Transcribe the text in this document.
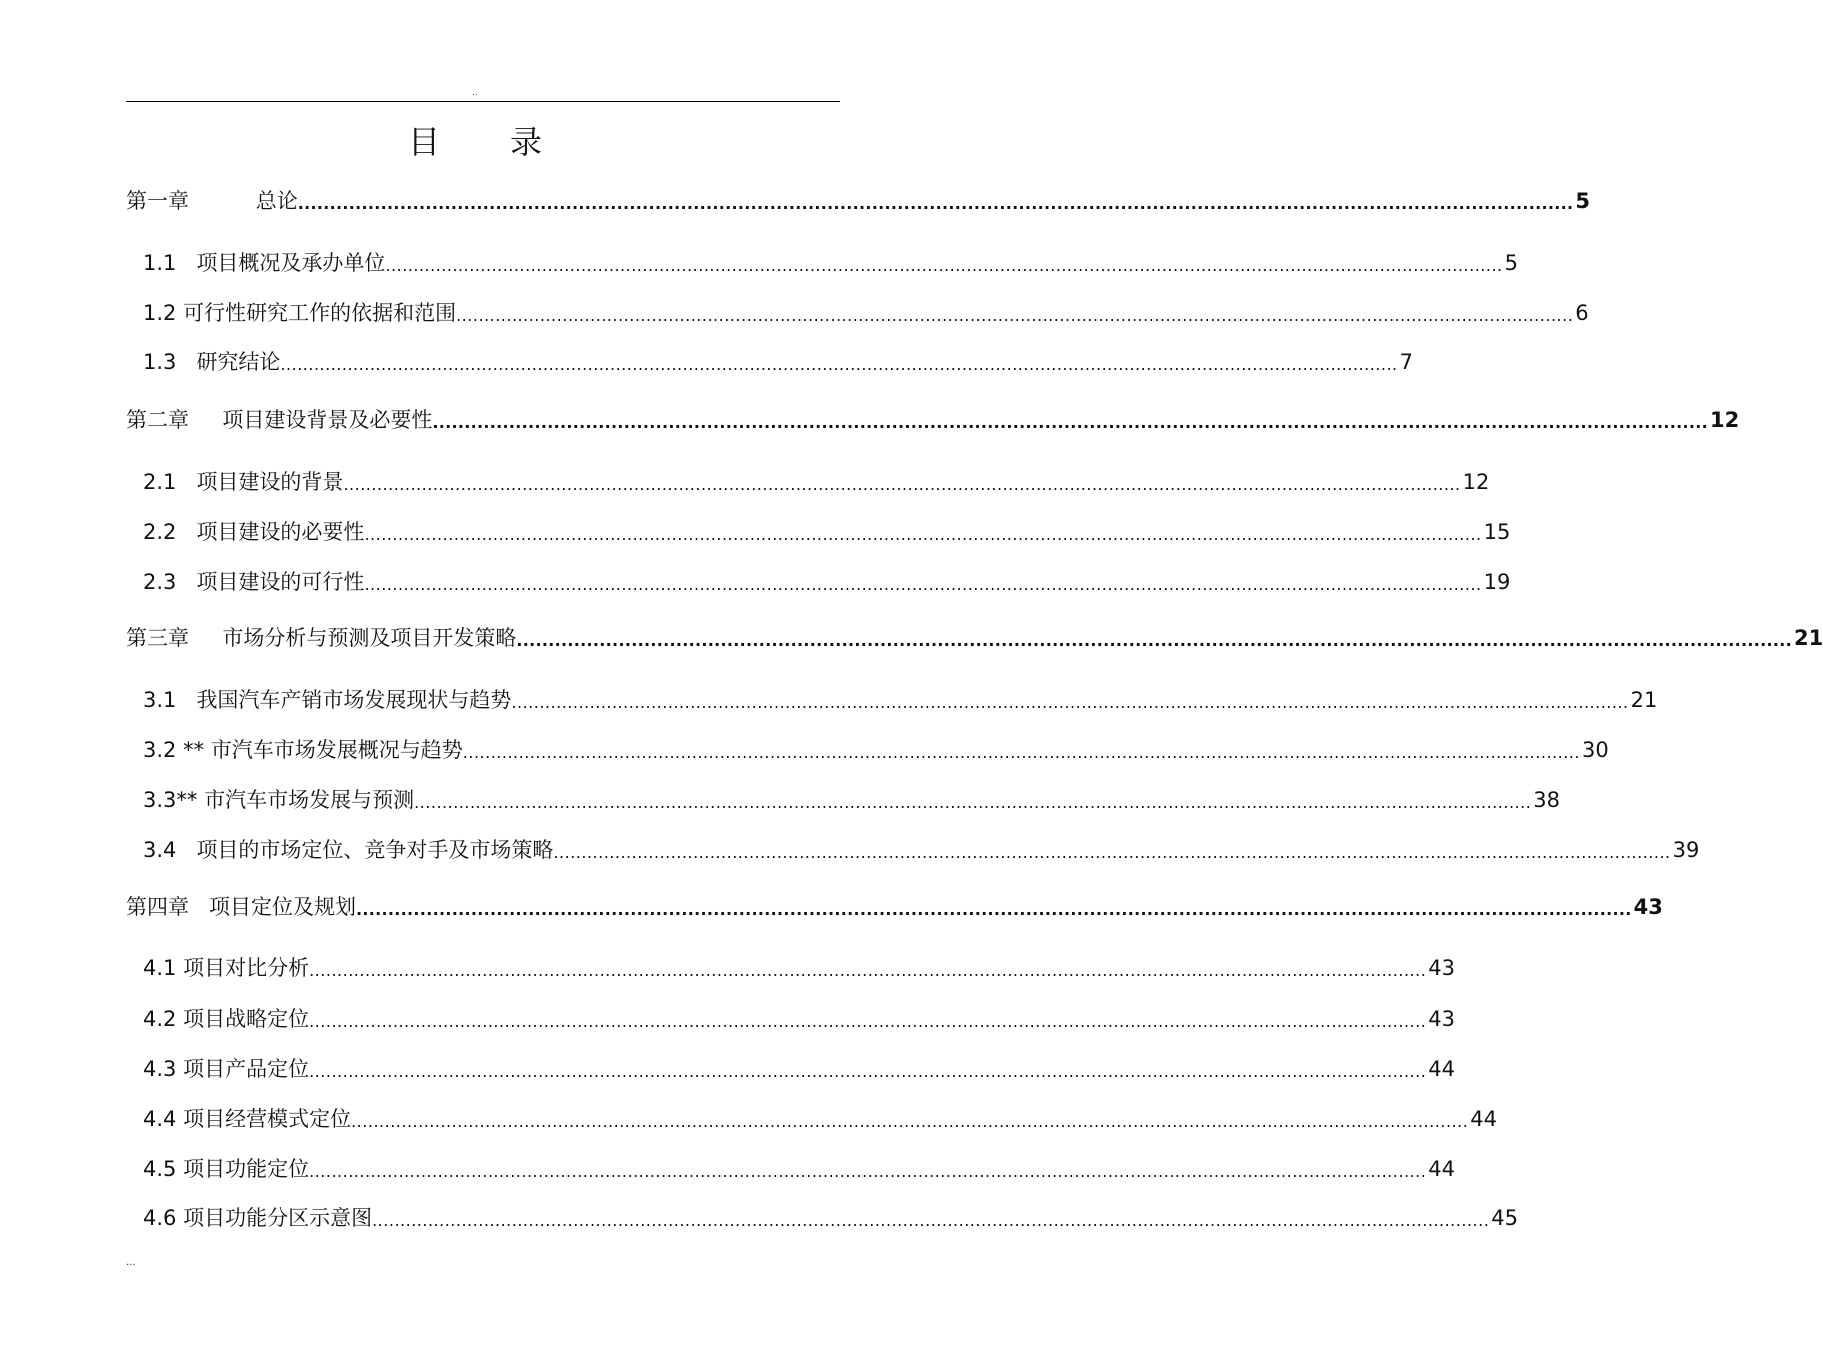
..
目录
第一章
	总论 ........................................................................................................................................................................................................ 5
1.1
项目概况及承办单位 ........................................................................................................................................................................................................ 5
1.2
可行性研究工作的依据和范围 ........................................................................................................................................................................................................ 6
1.3
研究结论 ........................................................................................................................................................................................................ 7
第二章
项目建设背景及必要性 ........................................................................................................................................................................................................ 12
2.1
项目建设的背景 ........................................................................................................................................................................................................ 12
2.2
项目建设的必要性 ........................................................................................................................................................................................................ 15
2.3
项目建设的可行性 ........................................................................................................................................................................................................ 19
第三章
市场分析与预测及项目开发策略 ........................................................................................................................................................................................................ 21
3.1
我国汽车产销市场发展现状与趋势 ........................................................................................................................................................................................................ 21
3.2 **
市汽车市场发展概况与趋势 ........................................................................................................................................................................................................ 30
3.3**
市汽车市场发展与预测 ........................................................................................................................................................................................................ 38
3.4
项目的市场定位、竞争对手及市场策略 ........................................................................................................................................................................................................ 39
第四章
项目定位及规划 ........................................................................................................................................................................................................ 43
4.1
项目对比分析 ........................................................................................................................................................................................................ 43
4.2
项目战略定位 ........................................................................................................................................................................................................ 43
4.3
项目产品定位 ........................................................................................................................................................................................................ 44
4.4
项目经营模式定位 ........................................................................................................................................................................................................ 44
4.5
项目功能定位 ........................................................................................................................................................................................................ 44
4.6
项目功能分区示意图 ........................................................................................................................................................................................................ 45
...
